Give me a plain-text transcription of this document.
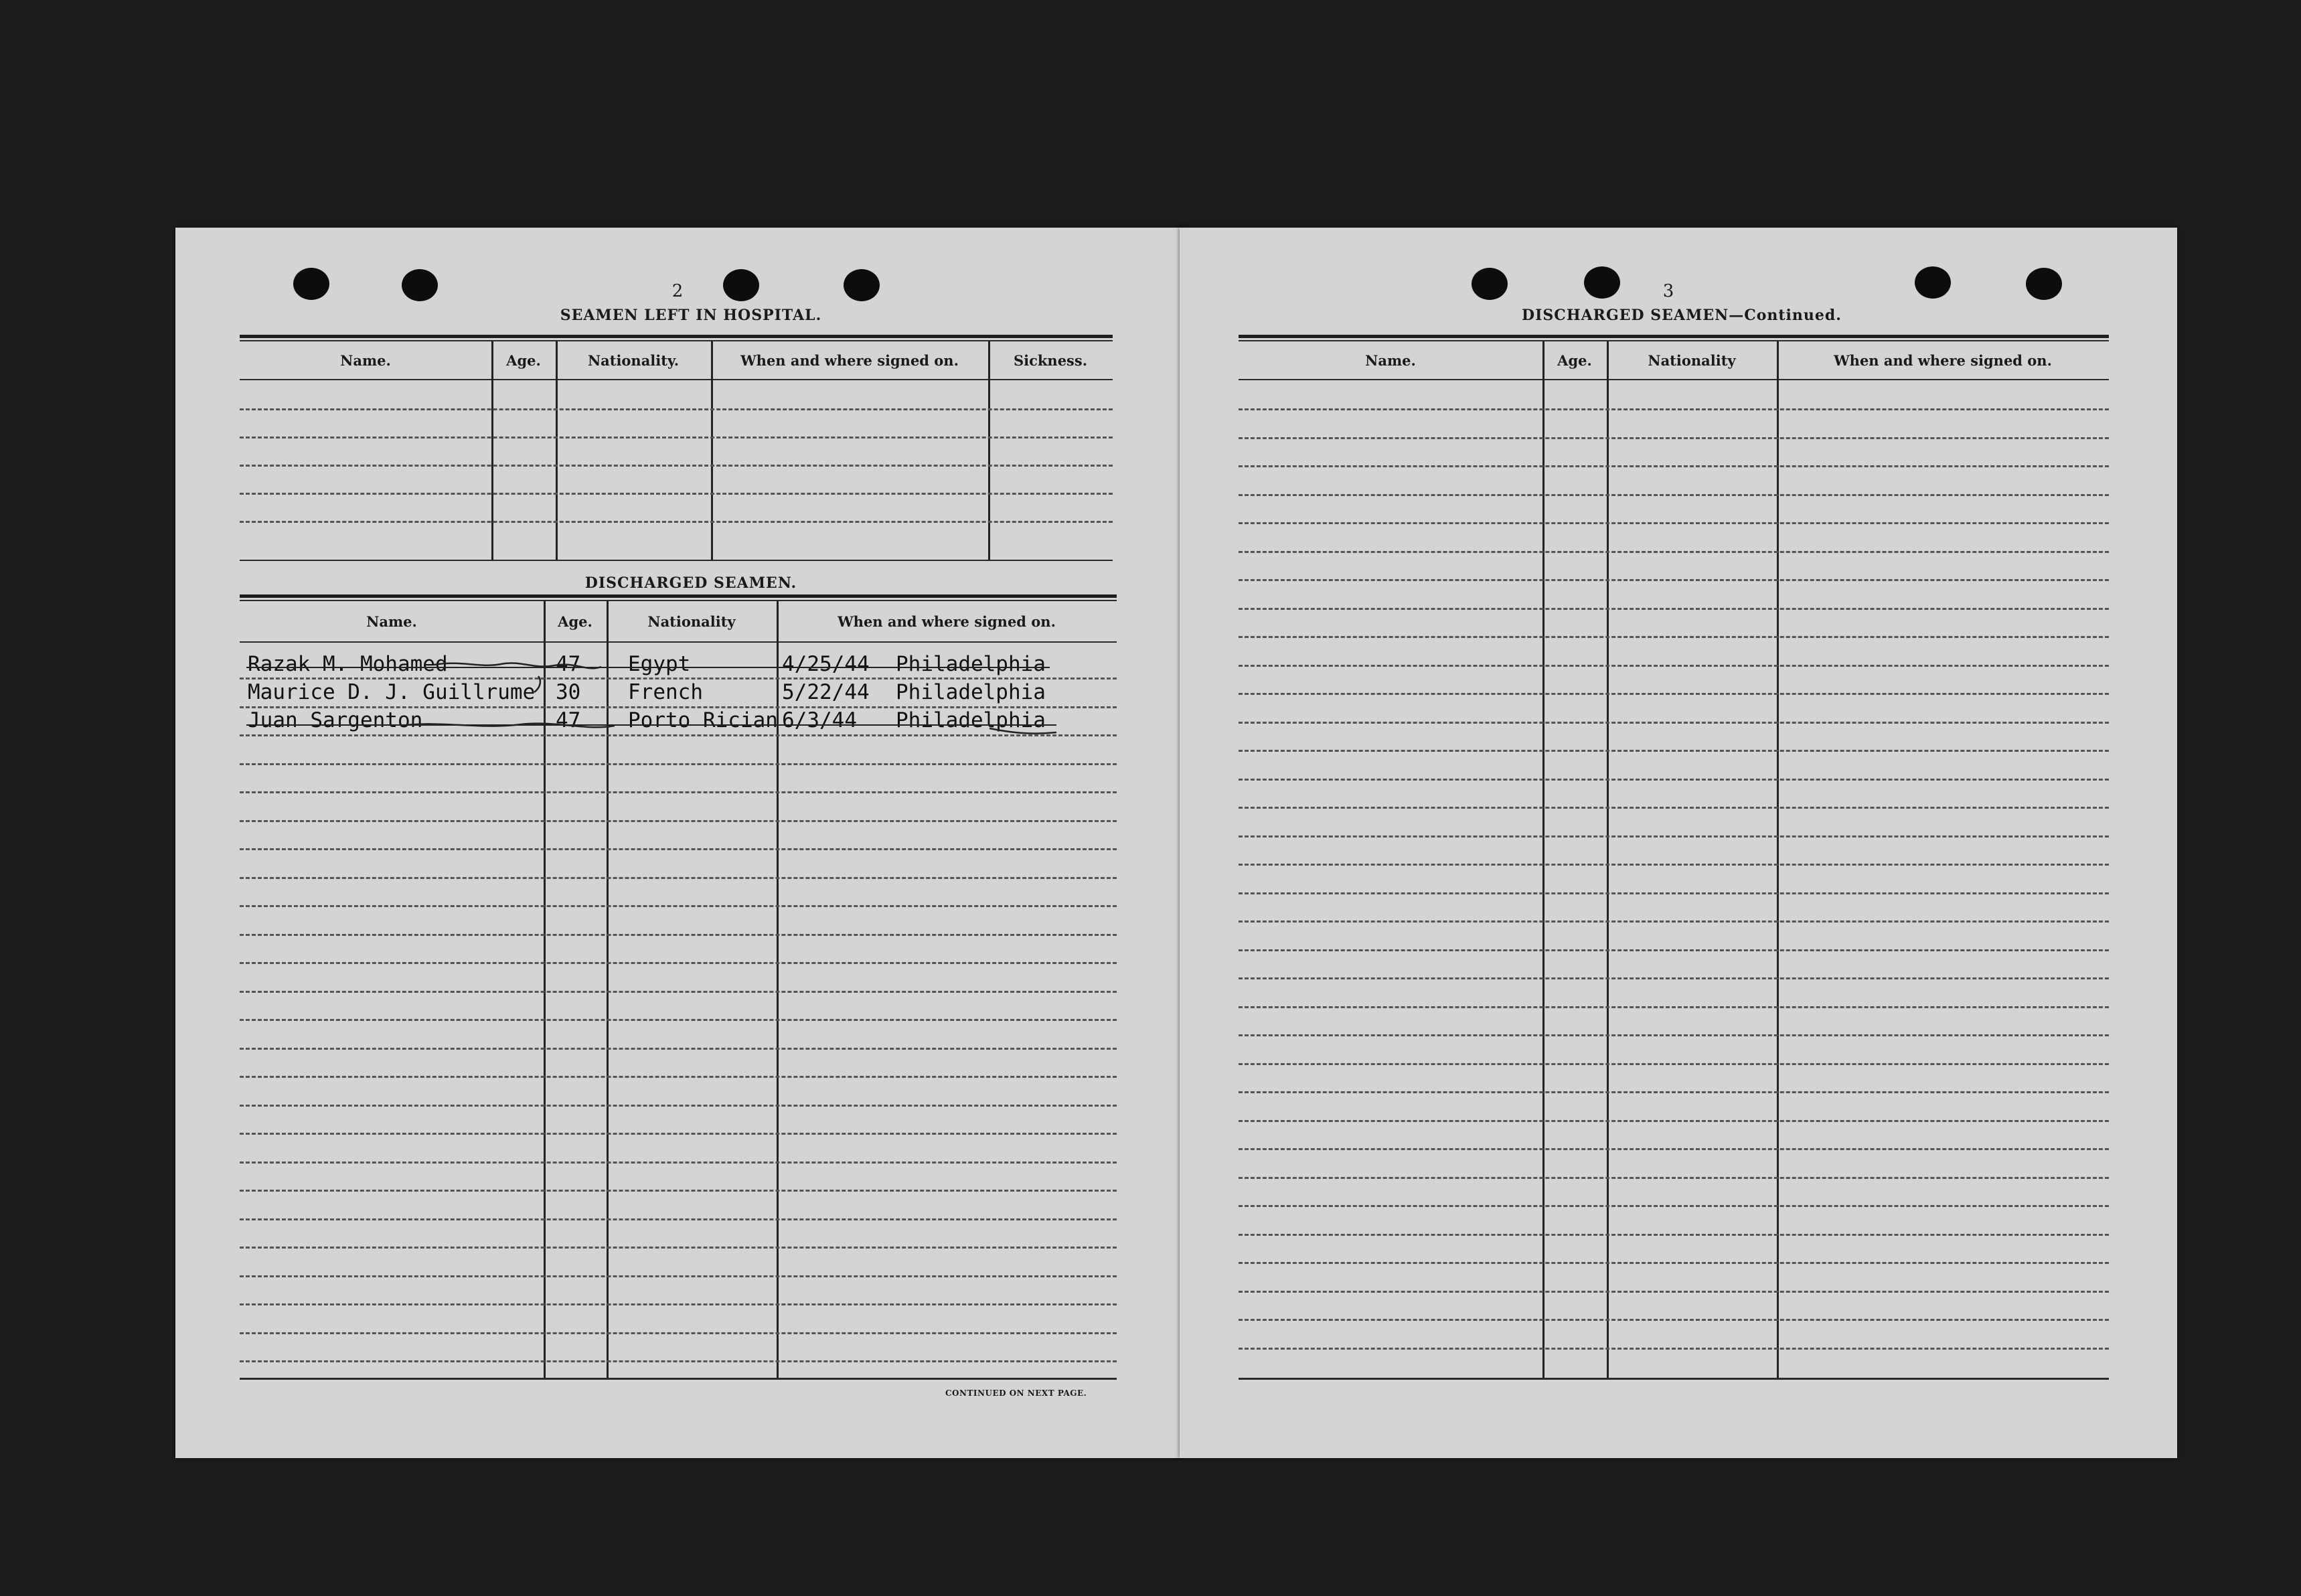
2
SEAMEN LEFT IN HOSPITAL.
Name.	Age.	Nationality.	When and where signed on.	Sickness.
DISCHARGED SEAMEN.
Name.	Age.	Nationality	When and where signed on.
Razak M. Mohamed	47 Egypt	4/25/44 Philadelphia
Maurice D. J. Guillrume 30 French	5/22/44 Philadelphia
Juan Sargenton	47 Porto Rician 6/3/44 Philadelphia
CONTINUED ON NEXT PAGE.
3
DISCHARGED SEAMEN—Continued.
Name.	Age.	Nationality	When and where signed on.
